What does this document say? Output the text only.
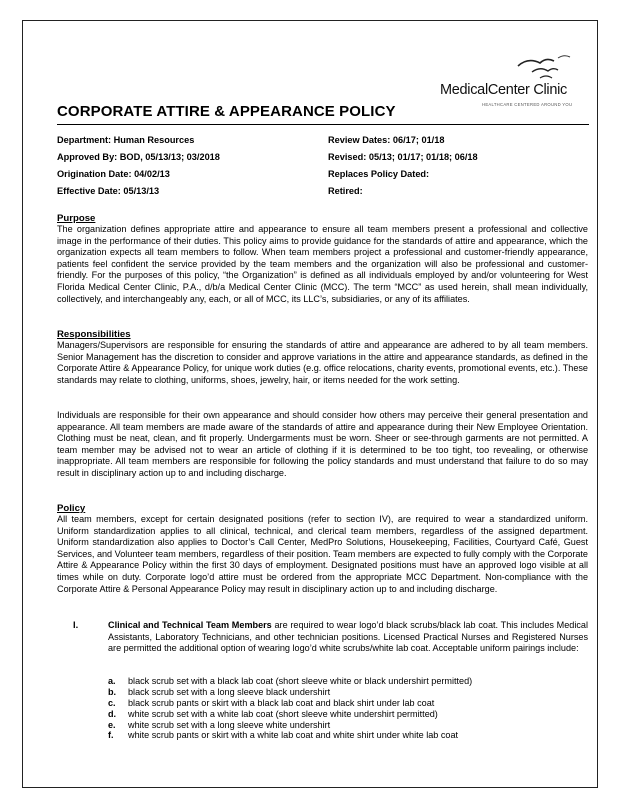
MedicalCenter Clinic
HEALTHCARE CENTERED AROUND YOU
CORPORATE ATTIRE & APPEARANCE POLICY
Department: Human Resources
Approved By: BOD, 05/13/13; 03/2018
Origination Date: 04/02/13
Effective Date: 05/13/13
Review Dates: 06/17; 01/18
Revised: 05/13; 01/17; 01/18; 06/18
Replaces Policy Dated:
Retired:
Purpose
The organization defines appropriate attire and appearance to ensure all team members present a professional and collective image in the performance of their duties. This policy aims to provide guidance for the standards of attire and appearance, which the organization expects all team members to follow. When team members project a professional and customer-friendly appearance, patients feel confident the service provided by the team members and the organization will also be professional and customer-friendly. For the purposes of this policy, “the Organization” is defined as all individuals employed by and/or volunteering for West Florida Medical Center Clinic, P.A., d/b/a Medical Center Clinic (MCC). The term “MCC” as used herein, shall mean individually, collectively, and interchangeably any, each, or all of MCC, its LLC’s, subsidiaries, or any of its affiliates.
Responsibilities
Managers/Supervisors are responsible for ensuring the standards of attire and appearance are adhered to by all team members. Senior Management has the discretion to consider and approve variations in the attire and appearance standards, as defined in the Corporate Attire & Appearance Policy, for unique work duties (e.g. office relocations, charity events, promotional events, etc.). These standards may relate to clothing, uniforms, shoes, jewelry, hair, or items needed for the work setting.
Individuals are responsible for their own appearance and should consider how others may perceive their general presentation and appearance. All team members are made aware of the standards of attire and appearance during their New Employee Orientation. Clothing must be neat, clean, and fit properly. Undergarments must be worn. Sheer or see-through garments are not permitted. A team member may be advised not to wear an article of clothing if it is determined to be too tight, too revealing, or otherwise inappropriate. All team members are responsible for following the policy standards and must understand that failure to do so may result in disciplinary action up to and including discharge.
Policy
All team members, except for certain designated positions (refer to section IV), are required to wear a standardized uniform. Uniform standardization applies to all clinical, technical, and clerical team members, regardless of the assigned department. Uniform standardization also applies to Doctor’s Call Center, MedPro Solutions, Housekeeping, Facilities, Courtyard Café, Guest Services, and Volunteer team members, regardless of their position. Team members are expected to fully comply with the Corporate Attire & Appearance Policy within the first 30 days of employment. Designated positions must have an approved logo visible at all times while on duty. Corporate logo’d attire must be ordered from the appropriate MCC Department. Non-compliance with the Corporate Attire & Personal Appearance Policy may result in disciplinary action up to and including discharge.
I.	Clinical and Technical Team Members are required to wear logo’d black scrubs/black lab coat. This includes Medical Assistants, Laboratory Technicians, and other technician positions. Licensed Practical Nurses and Registered Nurses are permitted the additional option of wearing logo’d white scrubs/white lab coat. Acceptable uniform pairings include:
a. black scrub set with a black lab coat (short sleeve white or black undershirt permitted)
b. black scrub set with a long sleeve black undershirt
c. black scrub pants or skirt with a black lab coat and black shirt under lab coat
d. white scrub set with a white lab coat (short sleeve white undershirt permitted)
e. white scrub set with a long sleeve white undershirt
f. white scrub pants or skirt with a white lab coat and white shirt under white lab coat
